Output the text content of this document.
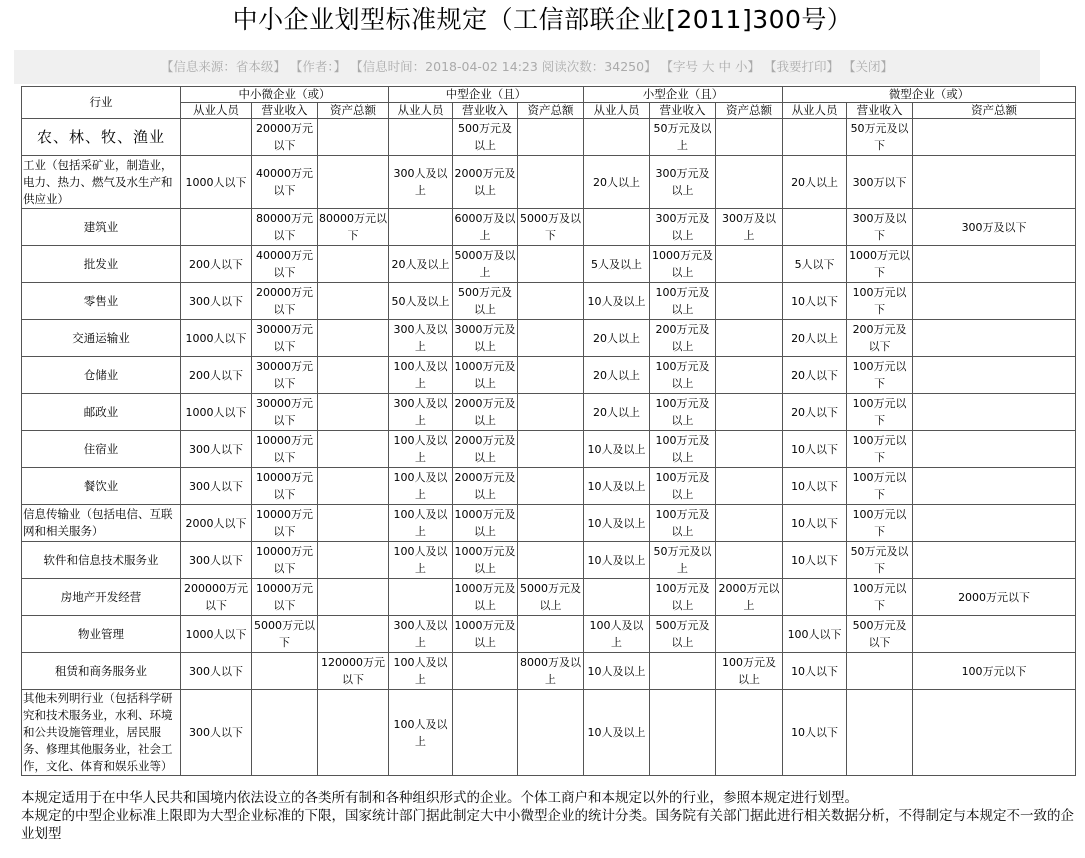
中小企业划型标准规定（工信部联企业[2011]300号）
【信息来源：省本级】 【作者：】 【信息时间：2018-04-02 14:23 阅读次数：34250】 【字号 大 中 小】 【我要打印】 【关闭】
行业	中小微企业（或）			中型企业（且）			小型企业（且）			微型企业（或）		
	从业人员	营业收入	资产总额	从业人员	营业收入	资产总额	从业人员	营业收入	资产总额	从业人员	营业收入	资产总额
农、林、牧、渔业		20000万元以下			500万元及以上			50万元及以上			50万元及以下	
工业（包括采矿业，制造业，电力、热力、燃气及水生产和供应业）	1000人以下	40000万元以下		300人及以上	2000万元及以上		20人以上	300万元及以上		20人以上	300万以下	
建筑业		80000万元以下	80000万元以下		6000万及以上	5000万及以下		300万元及以上	300万及以上		300万及以下	300万及以下
批发业	200人以下	40000万元以下		20人及以上	5000万及以上		5人及以上	1000万元及以上		5人以下	1000万元以下	
零售业	300人以下	20000万元以下		50人及以上	500万元及以上		10人及以上	100万元及以上		10人以下	100万元以下	
交通运输业	1000人以下	30000万元以下		300人及以上	3000万元及以上		20人以上	200万元及以上		20人以上	200万元及以下	
仓储业	200人以下	30000万元以下		100人及以上	1000万元及以上		20人以上	100万元及以上		20人以下	100万元以下	
邮政业	1000人以下	30000万元以下		300人及以上	2000万元及以上		20人以上	100万元及以上		20人以下	100万元以下	
住宿业	300人以下	10000万元以下		100人及以上	2000万元及以上		10人及以上	100万元及以上		10人以下	100万元以下	
餐饮业	300人以下	10000万元以下		100人及以上	2000万元及以上		10人及以上	100万元及以上		10人以下	100万元以下	
信息传输业（包括电信、互联网和相关服务）	2000人以下	10000万元以下		100人及以上	1000万元及以上		10人及以上	100万元及以上		10人以下	100万元以下	
软件和信息技术服务业	300人以下	10000万元以下		100人及以上	1000万元及以上		10人及以上	50万元及以上		10人以下	50万元及以下	
房地产开发经营	200000万元以下	10000万元以下			1000万元及以上	5000万元及以上		100万元及以上	2000万元以上		100万元以下	2000万元以下
物业管理	1000人以下	5000万元以下		300人及以上	1000万元及以上		100人及以上	500万元及以上		100人以下	500万元及以下	
租赁和商务服务业	300人以下		120000万元以下	100人及以上		8000万及以上	10人及以上		100万元及以上	10人以下		100万元以下
其他未列明行业（包括科学研究和技术服务业，水利、环境和公共设施管理业，居民服务、修理其他服务业，社会工作，文化、体育和娱乐业等）	300人以下			100人及以上			10人及以上			10人以下		

本规定适用于在中华人民共和国境内依法设立的各类所有制和各种组织形式的企业。个体工商户和本规定以外的行业，参照本规定进行划型。

本规定的中型企业标准上限即为大型企业标准的下限，国家统计部门据此制定大中小微型企业的统计分类。国务院有关部门据此进行相关数据分析，不得制定与本规定不一致的企业划型
